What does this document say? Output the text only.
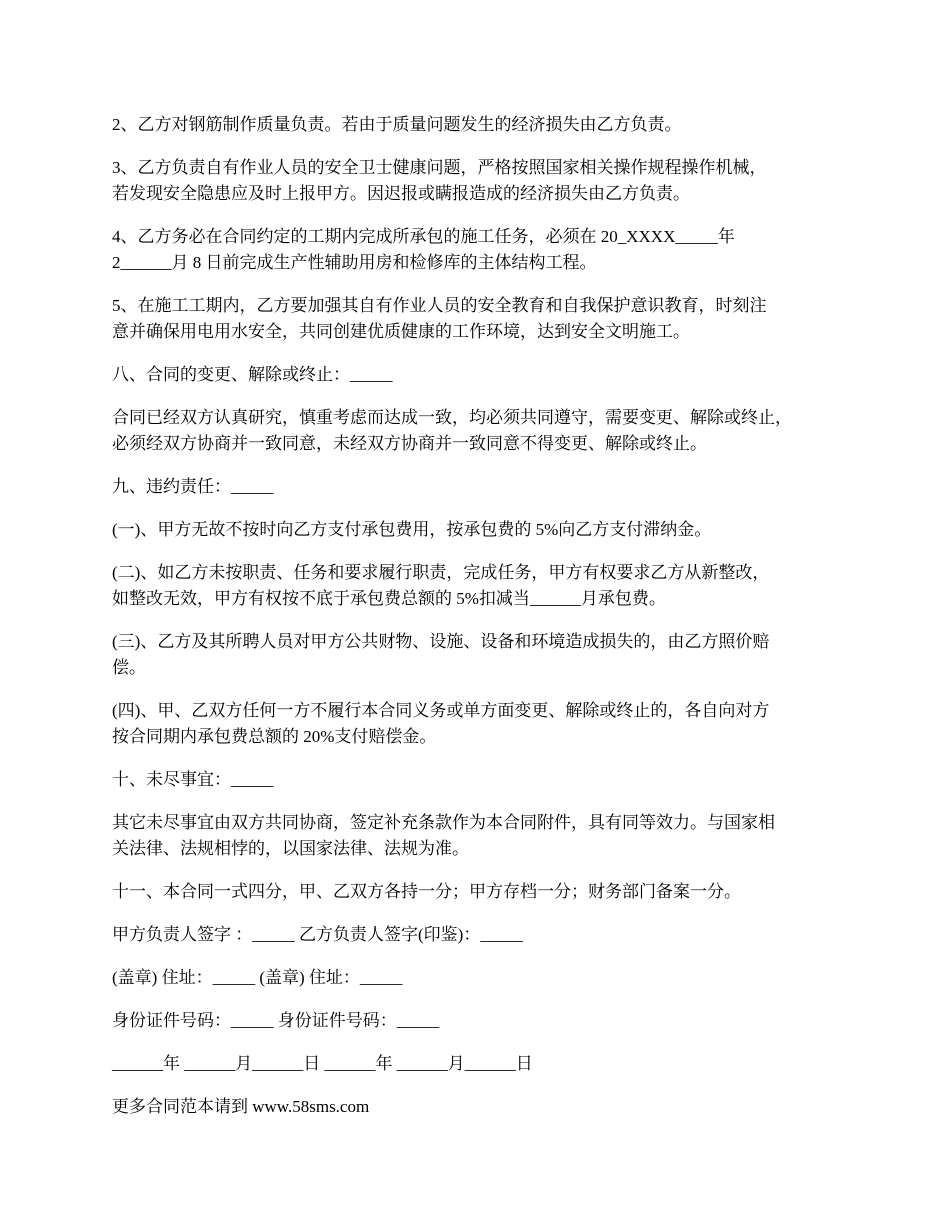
2、乙方对钢筋制作质量负责。若由于质量问题发生的经济损失由乙方负责。

3、乙方负责自有作业人员的安全卫士健康问题，严格按照国家相关操作规程操作机械，
若发现安全隐患应及时上报甲方。因迟报或瞒报造成的经济损失由乙方负责。

4、乙方务必在合同约定的工期内完成所承包的施工任务，必须在 20_XXXX_____年
2______月 8 日前完成生产性辅助用房和检修库的主体结构工程。

5、在施工工期内，乙方要加强其自有作业人员的安全教育和自我保护意识教育，时刻注
意并确保用电用水安全，共同创建优质健康的工作环境，达到安全文明施工。

八、合同的变更、解除或终止：_____

合同已经双方认真研究，慎重考虑而达成一致，均必须共同遵守，需要变更、解除或终止，
必须经双方协商并一致同意，未经双方协商并一致同意不得变更、解除或终止。

九、违约责任：_____

(一)、甲方无故不按时向乙方支付承包费用，按承包费的 5%向乙方支付滞纳金。

(二)、如乙方未按职责、任务和要求履行职责，完成任务，甲方有权要求乙方从新整改，
如整改无效，甲方有权按不底于承包费总额的 5%扣减当______月承包费。

(三)、乙方及其所聘人员对甲方公共财物、设施、设备和环境造成损失的，由乙方照价赔
偿。

(四)、甲、乙双方任何一方不履行本合同义务或单方面变更、解除或终止的，各自向对方
按合同期内承包费总额的 20%支付赔偿金。

十、未尽事宜：_____

其它未尽事宜由双方共同协商，签定补充条款作为本合同附件，具有同等效力。与国家相
关法律、法规相悖的，以国家法律、法规为准。

十一、本合同一式四分，甲、乙双方各持一分；甲方存档一分；财务部门备案一分。

甲方负责人签字 ：_____ 乙方负责人签字(印鉴)：_____

(盖章) 住址：_____ (盖章) 住址：_____

身份证件号码：_____ 身份证件号码：_____

______年 ______月______日 ______年 ______月______日

更多合同范本请到 www.58sms.com
